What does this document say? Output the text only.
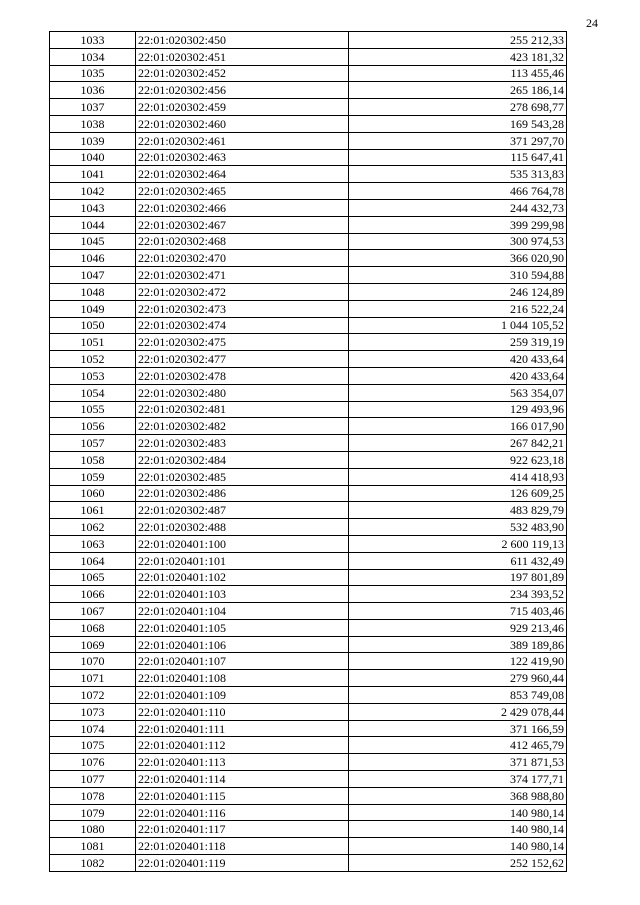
24
1033	22:01:020302:450	255 212,33
1034	22:01:020302:451	423 181,32
1035	22:01:020302:452	113 455,46
1036	22:01:020302:456	265 186,14
1037	22:01:020302:459	278 698,77
1038	22:01:020302:460	169 543,28
1039	22:01:020302:461	371 297,70
1040	22:01:020302:463	115 647,41
1041	22:01:020302:464	535 313,83
1042	22:01:020302:465	466 764,78
1043	22:01:020302:466	244 432,73
1044	22:01:020302:467	399 299,98
1045	22:01:020302:468	300 974,53
1046	22:01:020302:470	366 020,90
1047	22:01:020302:471	310 594,88
1048	22:01:020302:472	246 124,89
1049	22:01:020302:473	216 522,24
1050	22:01:020302:474	1 044 105,52
1051	22:01:020302:475	259 319,19
1052	22:01:020302:477	420 433,64
1053	22:01:020302:478	420 433,64
1054	22:01:020302:480	563 354,07
1055	22:01:020302:481	129 493,96
1056	22:01:020302:482	166 017,90
1057	22:01:020302:483	267 842,21
1058	22:01:020302:484	922 623,18
1059	22:01:020302:485	414 418,93
1060	22:01:020302:486	126 609,25
1061	22:01:020302:487	483 829,79
1062	22:01:020302:488	532 483,90
1063	22:01:020401:100	2 600 119,13
1064	22:01:020401:101	611 432,49
1065	22:01:020401:102	197 801,89
1066	22:01:020401:103	234 393,52
1067	22:01:020401:104	715 403,46
1068	22:01:020401:105	929 213,46
1069	22:01:020401:106	389 189,86
1070	22:01:020401:107	122 419,90
1071	22:01:020401:108	279 960,44
1072	22:01:020401:109	853 749,08
1073	22:01:020401:110	2 429 078,44
1074	22:01:020401:111	371 166,59
1075	22:01:020401:112	412 465,79
1076	22:01:020401:113	371 871,53
1077	22:01:020401:114	374 177,71
1078	22:01:020401:115	368 988,80
1079	22:01:020401:116	140 980,14
1080	22:01:020401:117	140 980,14
1081	22:01:020401:118	140 980,14
1082	22:01:020401:119	252 152,62
